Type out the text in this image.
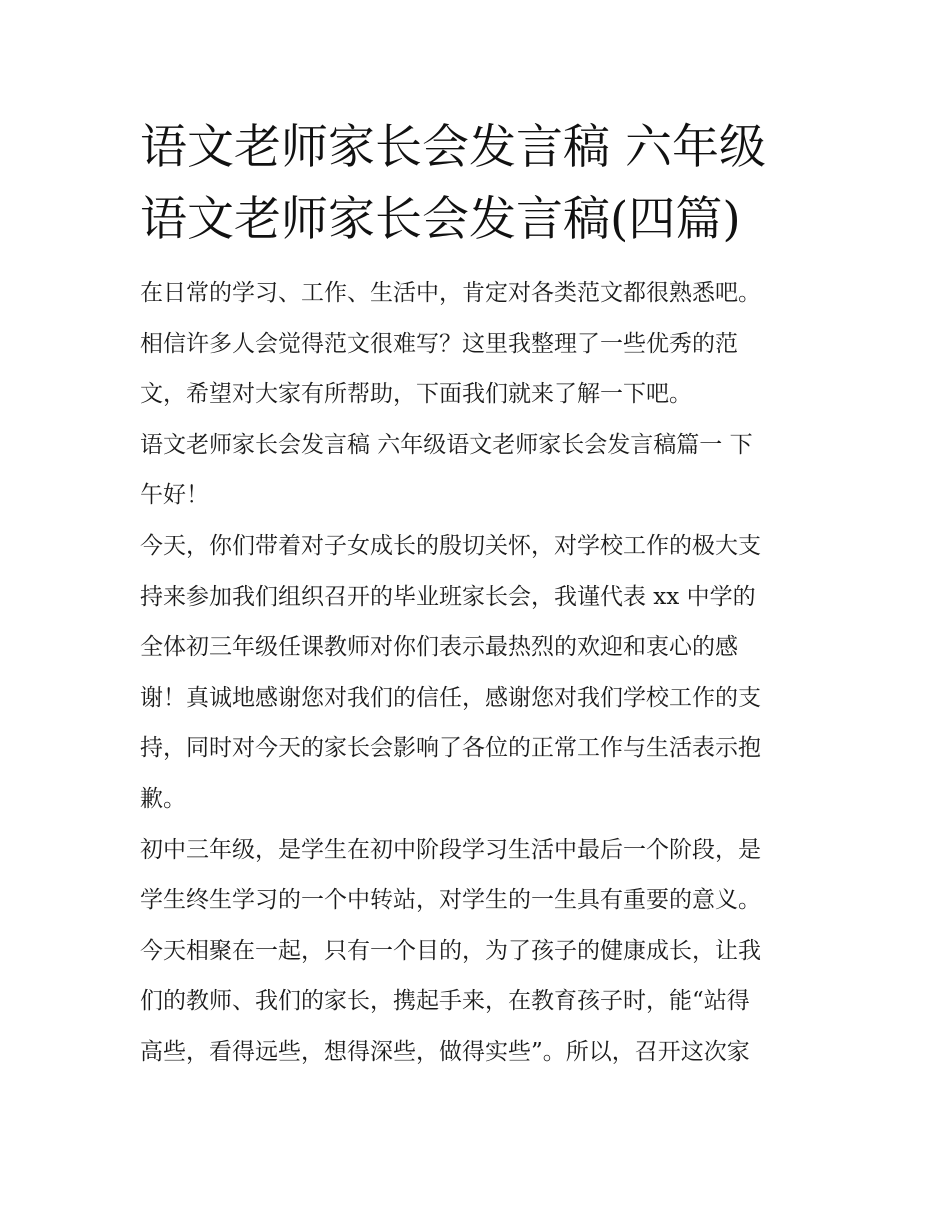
语文老师家长会发言稿 六年级
语文老师家长会发言稿(四篇)
在日常的学习、工作、生活中，肯定对各类范文都很熟悉吧。
相信许多人会觉得范文很难写？这里我整理了一些优秀的范
文，希望对大家有所帮助，下面我们就来了解一下吧。
语文老师家长会发言稿 六年级语文老师家长会发言稿篇一 下
午好！
今天，你们带着对子女成长的殷切关怀，对学校工作的极大支
持来参加我们组织召开的毕业班家长会，我谨代表 xx 中学的
全体初三年级任课教师对你们表示最热烈的欢迎和衷心的感
谢！真诚地感谢您对我们的信任，感谢您对我们学校工作的支
持，同时对今天的家长会影响了各位的正常工作与生活表示抱
歉。
初中三年级，是学生在初中阶段学习生活中最后一个阶段，是
学生终生学习的一个中转站，对学生的一生具有重要的意义。
今天相聚在一起，只有一个目的，为了孩子的健康成长，让我
们的教师、我们的家长，携起手来，在教育孩子时，能“站得
高些，看得远些，想得深些，做得实些”。所以，召开这次家
